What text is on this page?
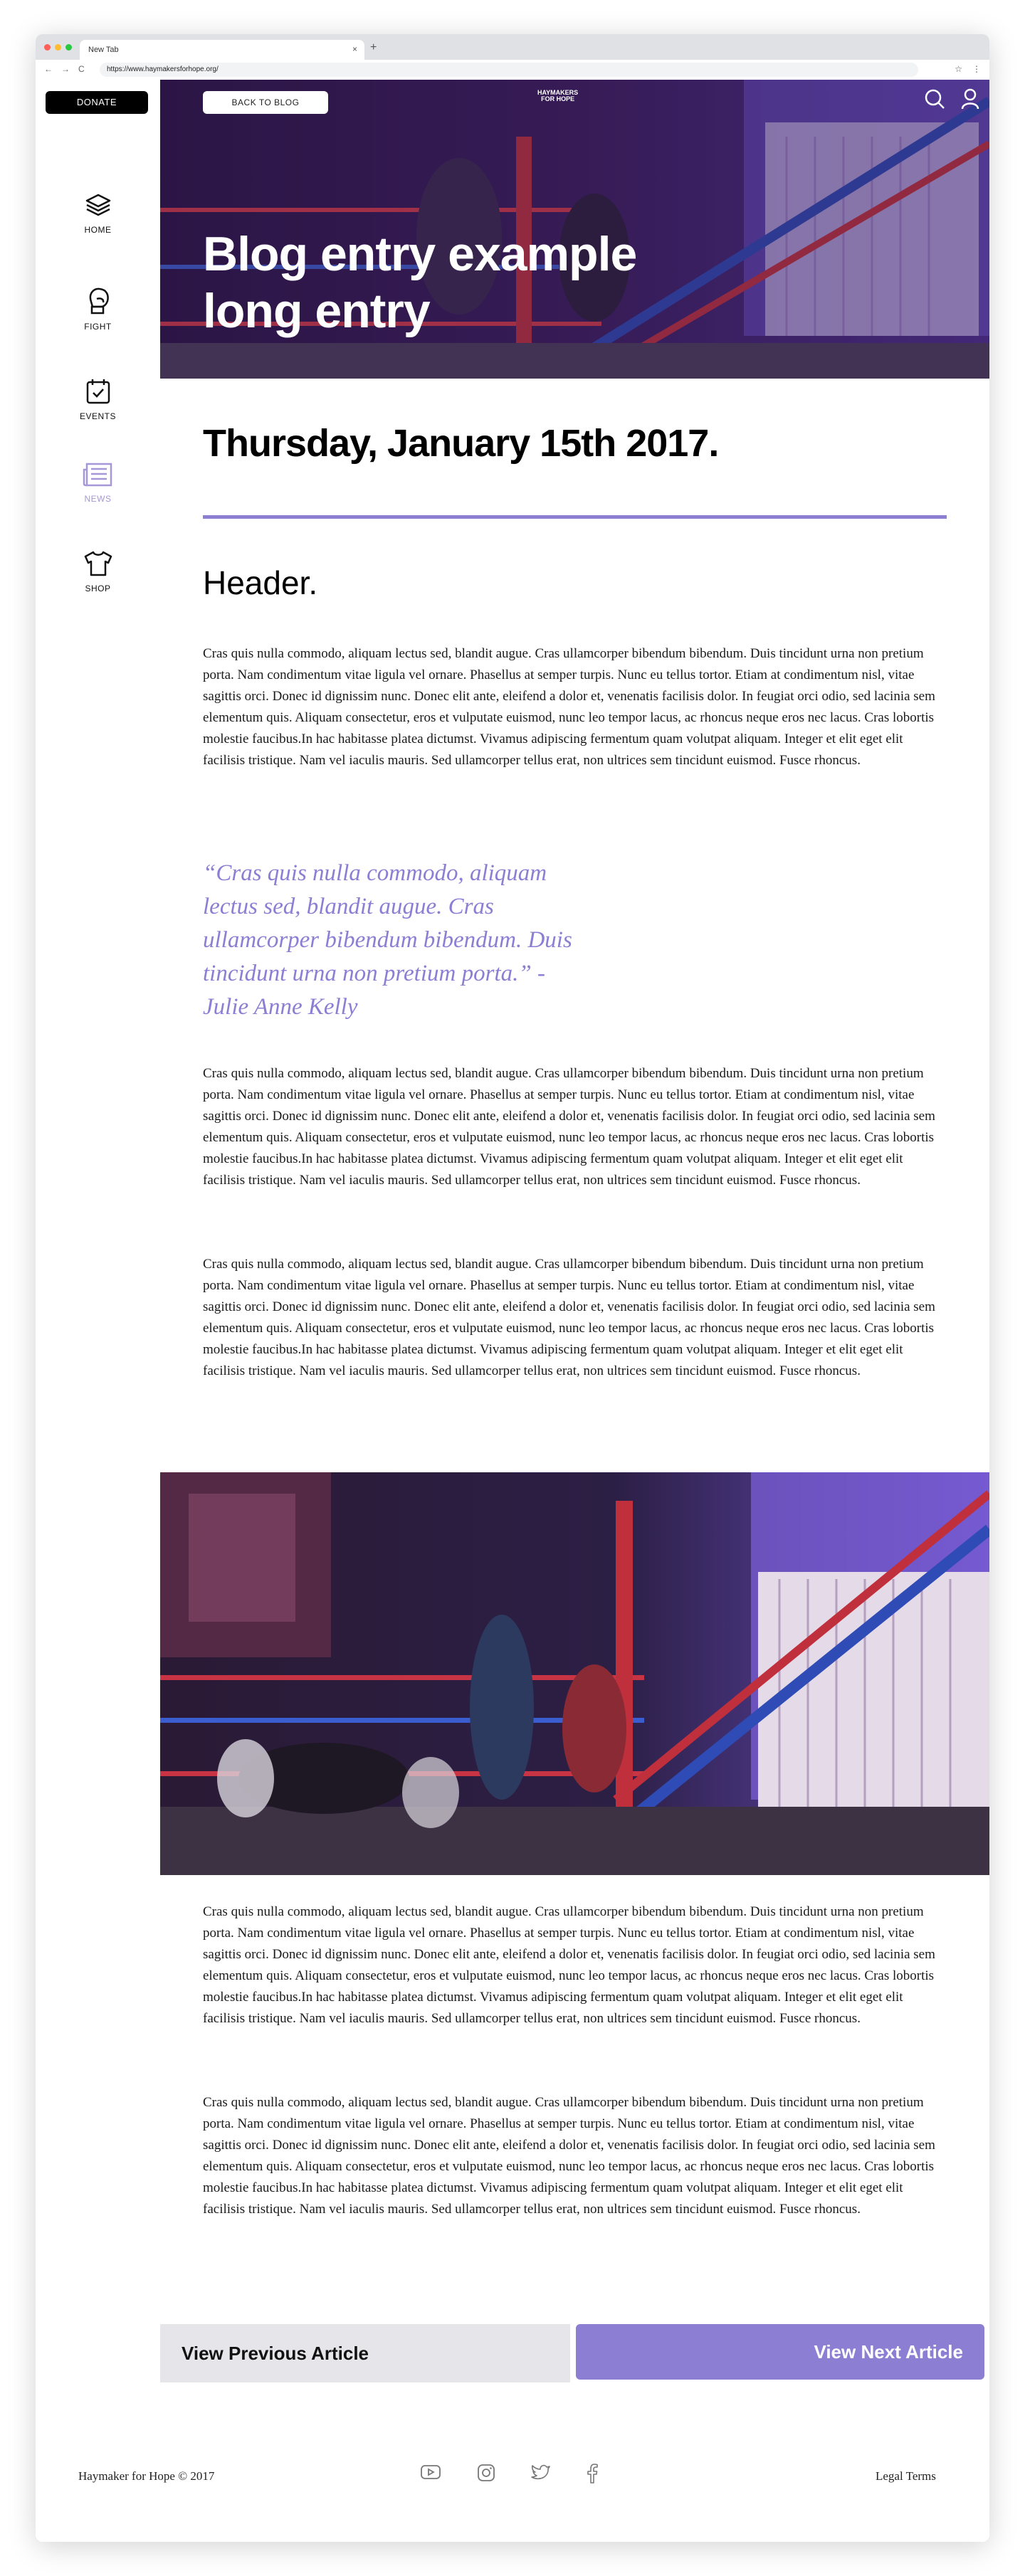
New Tab	× +
← → C	https://www.haymakersforhope.org/	☆ ⋮
DONATE
HOME
FIGHT
EVENTS
NEWS
SHOP
BACK TO BLOG
HAYMAKERS
FOR HOPE
Blog entry example
long entry
Thursday, January 15th 2017.
Header.

Cras quis nulla commodo, aliquam lectus sed, blandit augue. Cras ullamcorper bibendum bibendum. Duis tincidunt urna non pretium porta. Nam condimentum vitae ligula vel ornare. Phasellus at semper turpis. Nunc eu tellus tortor. Etiam at condimentum nisl, vitae sagittis orci. Donec id dignissim nunc. Donec elit ante, eleifend a dolor et, venenatis facilisis dolor. In feugiat orci odio, sed lacinia sem elementum quis. Aliquam consectetur, eros et vulputate euismod, nunc leo tempor lacus, ac rhoncus neque eros nec lacus. Cras lobortis molestie faucibus.In hac habitasse platea dictumst. Vivamus adipiscing fermentum quam volutpat aliquam. Integer et elit eget elit facilisis tristique. Nam vel iaculis mauris. Sed ullamcorper tellus erat, non ultrices sem tincidunt euismod. Fusce rhoncus.

“Cras quis nulla commodo, aliquam lectus sed, blandit augue. Cras ullamcorper bibendum bibendum. Duis tincidunt urna non pretium porta.” - Julie Anne Kelly

Cras quis nulla commodo, aliquam lectus sed, blandit augue. Cras ullamcorper bibendum bibendum. Duis tincidunt urna non pretium porta. Nam condimentum vitae ligula vel ornare. Phasellus at semper turpis. Nunc eu tellus tortor. Etiam at condimentum nisl, vitae sagittis orci. Donec id dignissim nunc. Donec elit ante, eleifend a dolor et, venenatis facilisis dolor. In feugiat orci odio, sed lacinia sem elementum quis. Aliquam consectetur, eros et vulputate euismod, nunc leo tempor lacus, ac rhoncus neque eros nec lacus. Cras lobortis molestie faucibus.In hac habitasse platea dictumst. Vivamus adipiscing fermentum quam volutpat aliquam. Integer et elit eget elit facilisis tristique. Nam vel iaculis mauris. Sed ullamcorper tellus erat, non ultrices sem tincidunt euismod. Fusce rhoncus.

Cras quis nulla commodo, aliquam lectus sed, blandit augue. Cras ullamcorper bibendum bibendum. Duis tincidunt urna non pretium porta. Nam condimentum vitae ligula vel ornare. Phasellus at semper turpis. Nunc eu tellus tortor. Etiam at condimentum nisl, vitae sagittis orci. Donec id dignissim nunc. Donec elit ante, eleifend a dolor et, venenatis facilisis dolor. In feugiat orci odio, sed lacinia sem elementum quis. Aliquam consectetur, eros et vulputate euismod, nunc leo tempor lacus, ac rhoncus neque eros nec lacus. Cras lobortis molestie faucibus.In hac habitasse platea dictumst. Vivamus adipiscing fermentum quam volutpat aliquam. Integer et elit eget elit facilisis tristique. Nam vel iaculis mauris. Sed ullamcorper tellus erat, non ultrices sem tincidunt euismod. Fusce rhoncus.

Cras quis nulla commodo, aliquam lectus sed, blandit augue. Cras ullamcorper bibendum bibendum. Duis tincidunt urna non pretium porta. Nam condimentum vitae ligula vel ornare. Phasellus at semper turpis. Nunc eu tellus tortor. Etiam at condimentum nisl, vitae sagittis orci. Donec id dignissim nunc. Donec elit ante, eleifend a dolor et, venenatis facilisis dolor. In feugiat orci odio, sed lacinia sem elementum quis. Aliquam consectetur, eros et vulputate euismod, nunc leo tempor lacus, ac rhoncus neque eros nec lacus. Cras lobortis molestie faucibus.In hac habitasse platea dictumst. Vivamus adipiscing fermentum quam volutpat aliquam. Integer et elit eget elit facilisis tristique. Nam vel iaculis mauris. Sed ullamcorper tellus erat, non ultrices sem tincidunt euismod. Fusce rhoncus.

Cras quis nulla commodo, aliquam lectus sed, blandit augue. Cras ullamcorper bibendum bibendum. Duis tincidunt urna non pretium porta. Nam condimentum vitae ligula vel ornare. Phasellus at semper turpis. Nunc eu tellus tortor. Etiam at condimentum nisl, vitae sagittis orci. Donec id dignissim nunc. Donec elit ante, eleifend a dolor et, venenatis facilisis dolor. In feugiat orci odio, sed lacinia sem elementum quis. Aliquam consectetur, eros et vulputate euismod, nunc leo tempor lacus, ac rhoncus neque eros nec lacus. Cras lobortis molestie faucibus.In hac habitasse platea dictumst. Vivamus adipiscing fermentum quam volutpat aliquam. Integer et elit eget elit facilisis tristique. Nam vel iaculis mauris. Sed ullamcorper tellus erat, non ultrices sem tincidunt euismod. Fusce rhoncus.

View Previous Article	View Next Article
Haymaker for Hope © 2017	Legal Terms
